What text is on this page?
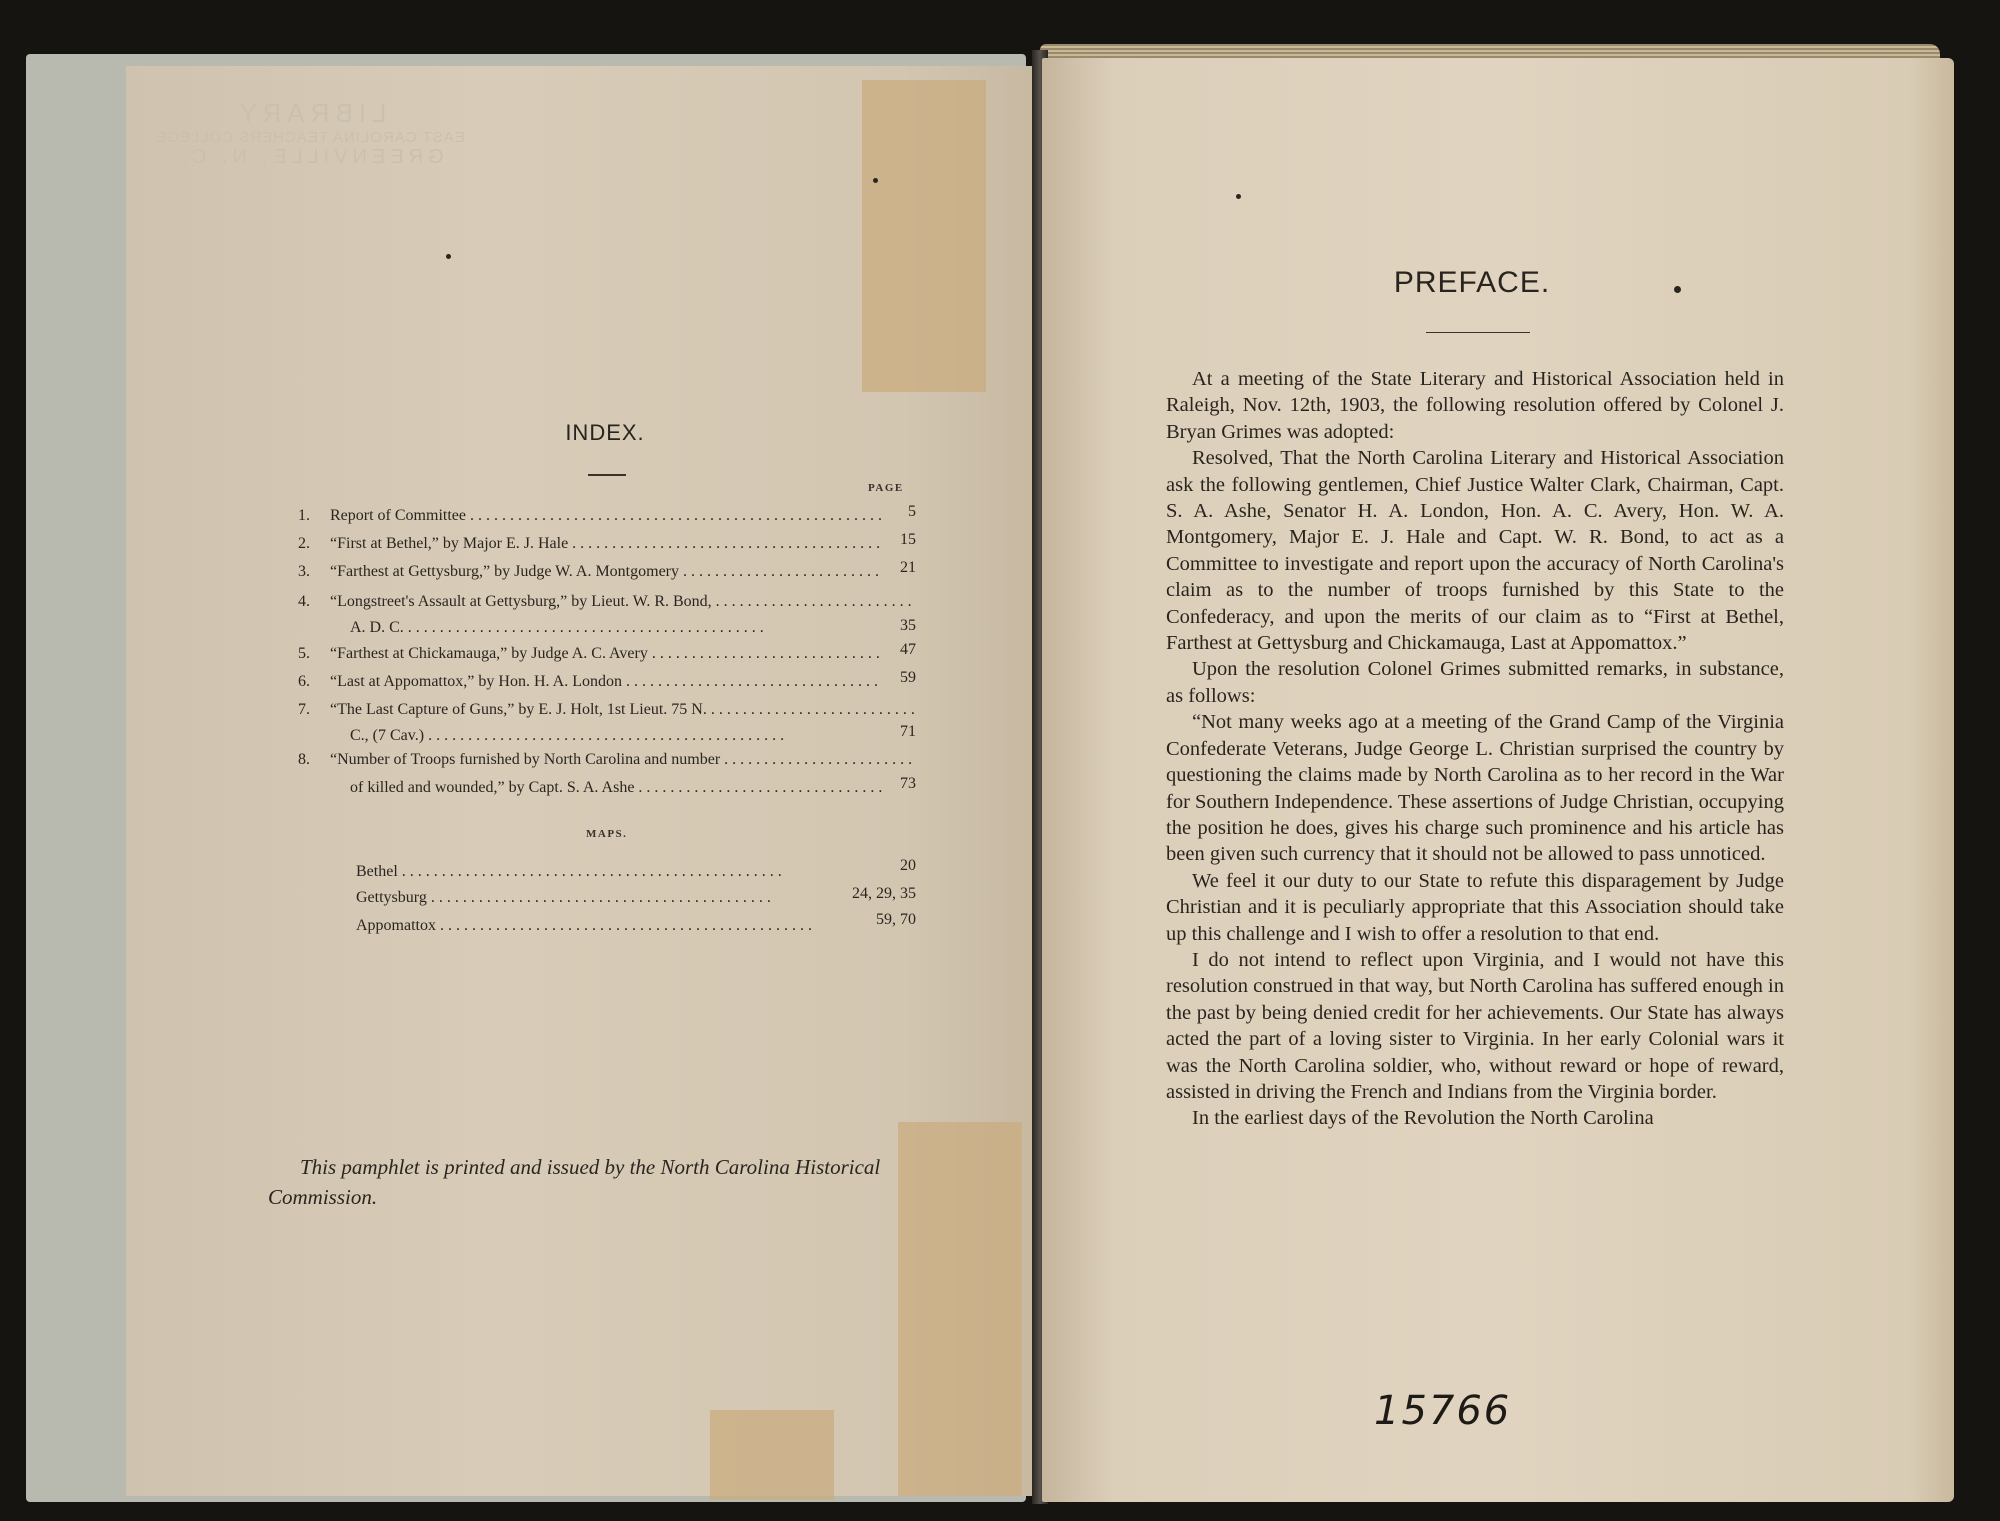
LIBRARY
EAST CAROLINA TEACHERS COLLEGE
GREENVILLE, N. C.
INDEX.
PAGE
1.	Report of Committee . . .	5
2.	“First at Bethel,” by Major E. J. Hale . . .	15
3.	“Farthest at Gettysburg,” by Judge W. A. Montgomery . . .	21
4.	“Longstreet's Assault at Gettysburg,” by Lieut. W. R. Bond, . . .
A. D. C. . . .	35
5.	“Farthest at Chickamauga,” by Judge A. C. Avery . . .	47
6.	“Last at Appomattox,” by Hon. H. A. London . . .	59
7.	“The Last Capture of Guns,” by E. J. Holt, 1st Lieut. 75 N. . . .
C., (7 Cav.) . . .	71
8.	“Number of Troops furnished by North Carolina and number . . .
of killed and wounded,” by Capt. S. A. Ashe . . .	73
MAPS.
Bethel . . .	20
Gettysburg . . .	24, 29, 35
Appomattox . . .	59, 70
This pamphlet is printed and issued by the North Carolina Historical Commission.
PREFACE.

At a meeting of the State Literary and Historical Association held in Raleigh, Nov. 12th, 1903, the following resolution offered by Colonel J. Bryan Grimes was adopted:

Resolved, That the North Carolina Literary and Historical Association ask the following gentlemen, Chief Justice Walter Clark, Chairman, Capt. S. A. Ashe, Senator H. A. London, Hon. A. C. Avery, Hon. W. A. Montgomery, Major E. J. Hale and Capt. W. R. Bond, to act as a Committee to investigate and report upon the accuracy of North Carolina's claim as to the number of troops furnished by this State to the Confederacy, and upon the merits of our claim as to “First at Bethel, Farthest at Gettysburg and Chickamauga, Last at Appomattox.”

Upon the resolution Colonel Grimes submitted remarks, in substance, as follows:

“Not many weeks ago at a meeting of the Grand Camp of the Virginia Confederate Veterans, Judge George L. Christian surprised the country by questioning the claims made by North Carolina as to her record in the War for Southern Independence. These assertions of Judge Christian, occupying the position he does, gives his charge such prominence and his article has been given such currency that it should not be allowed to pass unnoticed.

We feel it our duty to our State to refute this disparagement by Judge Christian and it is peculiarly appropriate that this Association should take up this challenge and I wish to offer a resolution to that end.

I do not intend to reflect upon Virginia, and I would not have this resolution construed in that way, but North Carolina has suffered enough in the past by being denied credit for her achievements. Our State has always acted the part of a loving sister to Virginia. In her early Colonial wars it was the North Carolina soldier, who, without reward or hope of reward, assisted in driving the French and Indians from the Virginia border.

In the earliest days of the Revolution the North Carolina

15766
